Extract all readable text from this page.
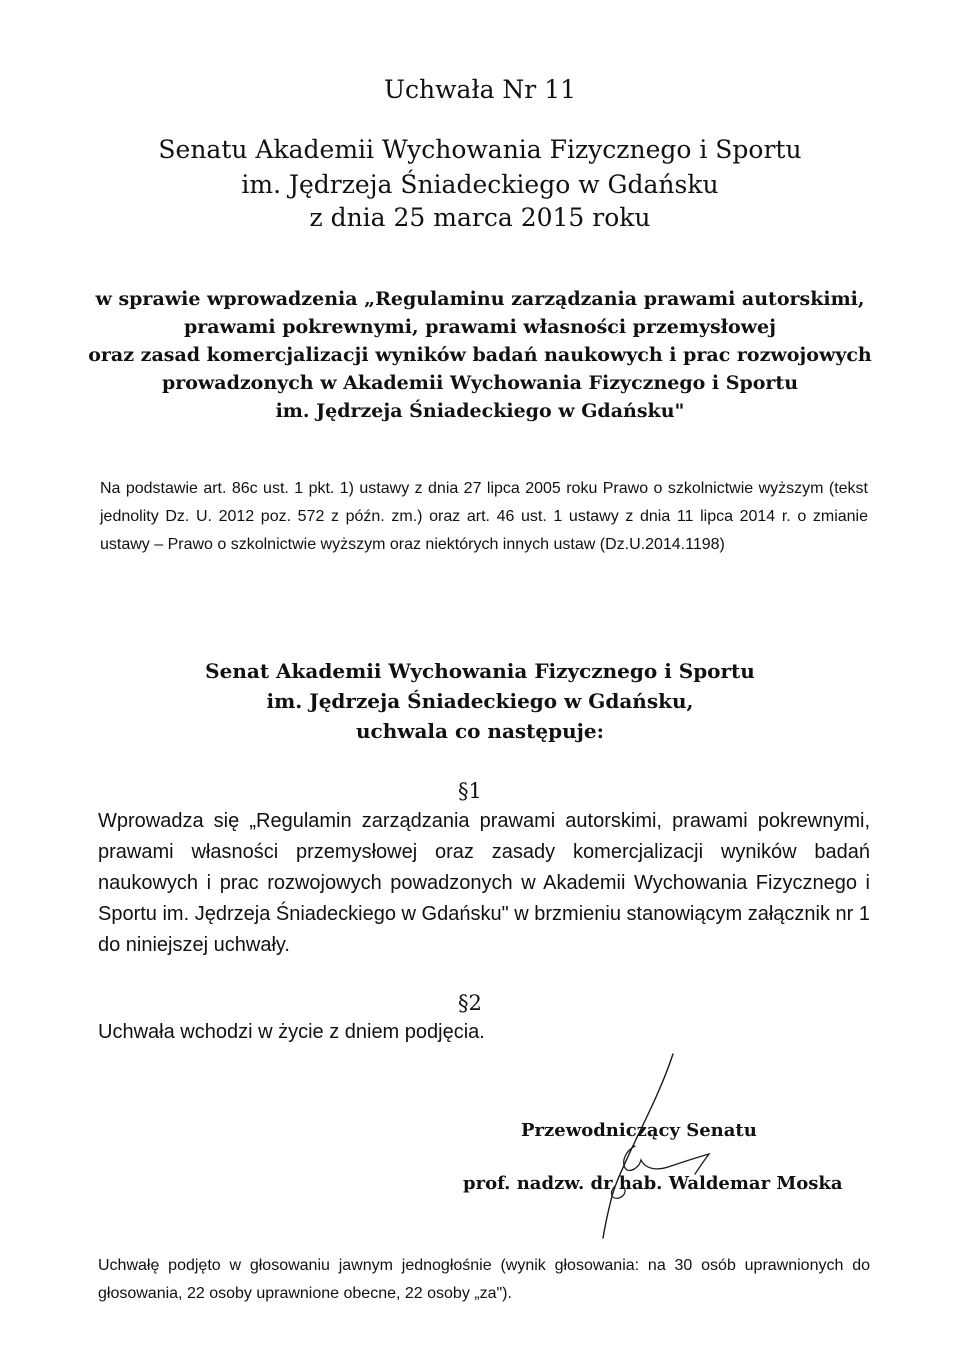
Uchwała Nr 11
Senatu Akademii Wychowania Fizycznego i Sportu
im. Jędrzeja Śniadeckiego w Gdańsku
z dnia 25 marca 2015 roku
w sprawie wprowadzenia „Regulaminu zarządzania prawami autorskimi,
prawami pokrewnymi, prawami własności przemysłowej
oraz zasad komercjalizacji wyników badań naukowych i prac rozwojowych
prowadzonych w Akademii Wychowania Fizycznego i Sportu
im. Jędrzeja Śniadeckiego w Gdańsku"
Na podstawie art. 86c ust. 1 pkt. 1) ustawy z dnia 27 lipca 2005 roku Prawo o szkolnictwie wyższym (tekst jednolity Dz. U. 2012 poz. 572 z późn. zm.) oraz art. 46 ust. 1 ustawy z dnia 11 lipca 2014 r. o zmianie ustawy – Prawo o szkolnictwie wyższym oraz niektórych innych ustaw (Dz.U.2014.1198)
Senat Akademii Wychowania Fizycznego i Sportu
im. Jędrzeja Śniadeckiego w Gdańsku,
uchwala co następuje:
§1
Wprowadza się „Regulamin zarządzania prawami autorskimi, prawami pokrewnymi, prawami własności przemysłowej oraz zasady komercjalizacji wyników badań naukowych i prac rozwojowych powadzonych w Akademii Wychowania Fizycznego i Sportu im. Jędrzeja Śniadeckiego w Gdańsku" w brzmieniu stanowiącym załącznik nr 1 do niniejszej uchwały.
§2
Uchwała wchodzi w życie z dniem podjęcia.
Przewodniczący Senatu
prof. nadzw. dr hab. Waldemar Moska
Uchwałę podjęto w głosowaniu jawnym jednogłośnie (wynik głosowania: na 30 osób uprawnionych do głosowania, 22 osoby uprawnione obecne, 22 osoby „za").
